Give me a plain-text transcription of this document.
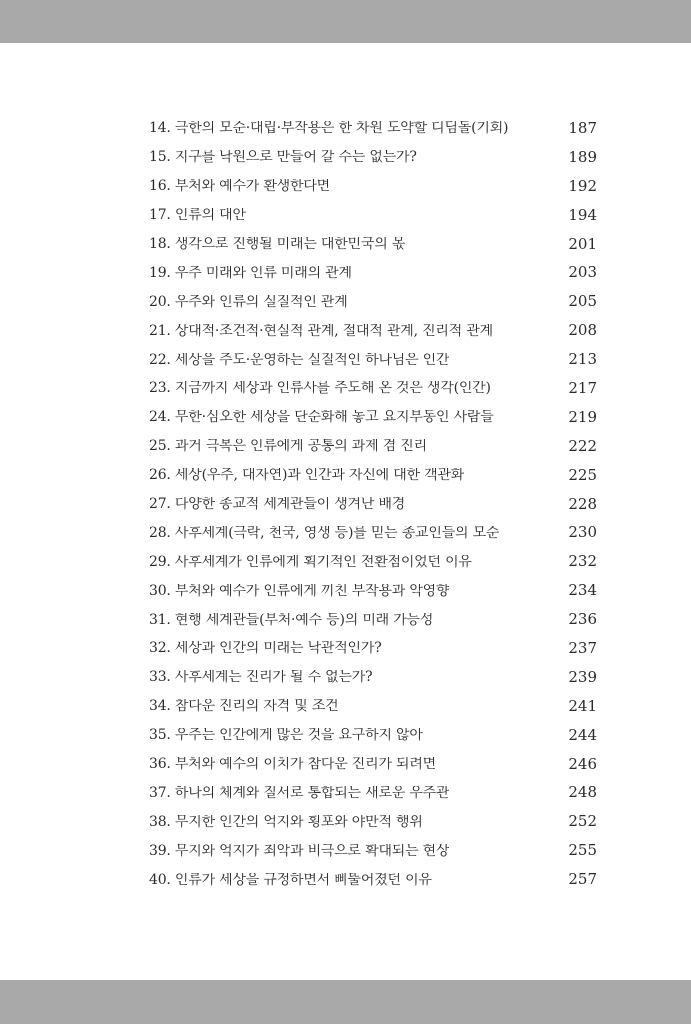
14. 극한의 모순·대립·부작용은 한 차원 도약할 디딤돌(기회)	187
15. 지구를 낙원으로 만들어 갈 수는 없는가?	189
16. 부처와 예수가 환생한다면	192
17. 인류의 대안	194
18. 생각으로 진행될 미래는 대한민국의 몫	201
19. 우주 미래와 인류 미래의 관계	203
20. 우주와 인류의 실질적인 관계	205
21. 상대적·조건적·현실적 관계, 절대적 관계, 진리적 관계	208
22. 세상을 주도·운영하는 실질적인 하나님은 인간	213
23. 지금까지 세상과 인류사를 주도해 온 것은 생각(인간)	217
24. 무한·심오한 세상을 단순화해 놓고 요지부동인 사람들	219
25. 과거 극복은 인류에게 공통의 과제 겸 진리	222
26. 세상(우주, 대자연)과 인간과 자신에 대한 객관화	225
27. 다양한 종교적 세계관들이 생겨난 배경	228
28. 사후세계(극락, 천국, 영생 등)를 믿는 종교인들의 모순	230
29. 사후세계가 인류에게 획기적인 전환점이었던 이유	232
30. 부처와 예수가 인류에게 끼친 부작용과 악영향	234
31. 현행 세계관들(부처·예수 등)의 미래 가능성	236
32. 세상과 인간의 미래는 낙관적인가?	237
33. 사후세계는 진리가 될 수 없는가?	239
34. 참다운 진리의 자격 및 조건	241
35. 우주는 인간에게 많은 것을 요구하지 않아	244
36. 부처와 예수의 이치가 참다운 진리가 되려면	246
37. 하나의 체계와 질서로 통합되는 새로운 우주관	248
38. 무지한 인간의 억지와 횡포와 야만적 행위	252
39. 무지와 억지가 죄악과 비극으로 확대되는 현상	255
40. 인류가 세상을 규정하면서 삐뚤어졌던 이유	257
